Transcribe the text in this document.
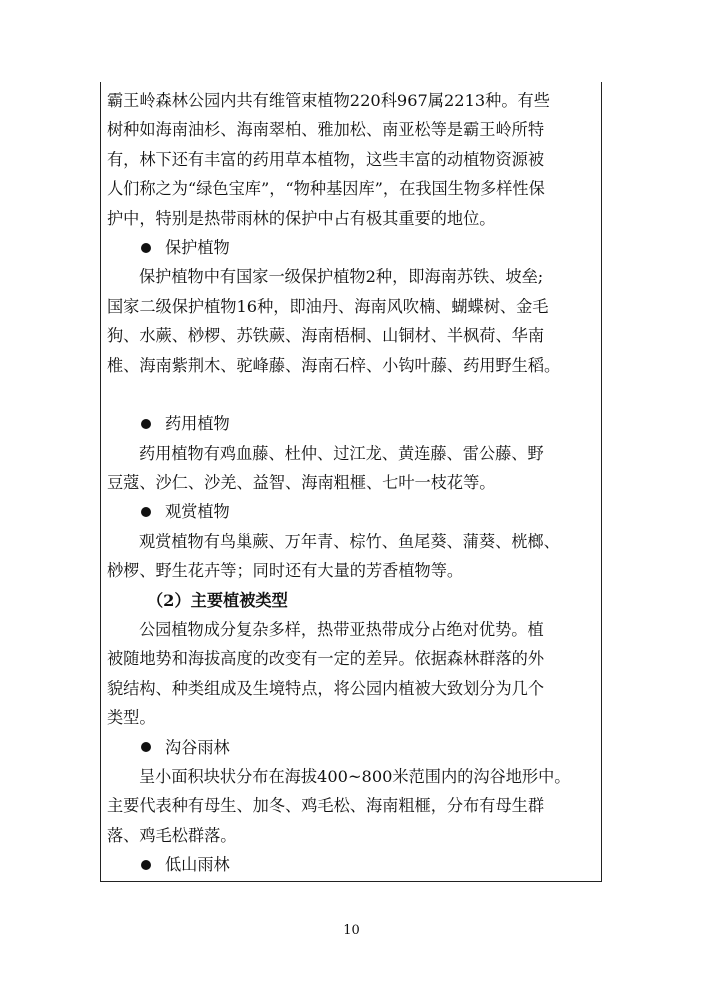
霸王岭森林公园内共有维管束植物220科967属2213种。有些
树种如海南油杉、海南翠柏、雅加松、南亚松等是霸王岭所特
有，林下还有丰富的药用草本植物，这些丰富的动植物资源被
人们称之为“绿色宝库”，“物种基因库”，在我国生物多样性保
护中，特别是热带雨林的保护中占有极其重要的地位。
保护植物
保护植物中有国家一级保护植物2种，即海南苏铁、坡垒;
国家二级保护植物16种，即油丹、海南风吹楠、蝴蝶树、金毛
狗、水蕨、桫椤、苏铁蕨、海南梧桐、山铜材、半枫荷、华南
椎、海南紫荆木、驼峰藤、海南石梓、小钩叶藤、药用野生稻。
药用植物
药用植物有鸡血藤、杜仲、过江龙、黄连藤、雷公藤、野
豆蔻、沙仁、沙羌、益智、海南粗榧、七叶一枝花等。
观赏植物
观赏植物有鸟巢蕨、万年青、棕竹、鱼尾葵、蒲葵、桄榔、
桫椤、野生花卉等；同时还有大量的芳香植物等。
（2）主要植被类型
公园植物成分复杂多样，热带亚热带成分占绝对优势。植
被随地势和海拔高度的改变有一定的差异。依据森林群落的外
貌结构、种类组成及生境特点，将公园内植被大致划分为几个
类型。
沟谷雨林
呈小面积块状分布在海拔400~800米范围内的沟谷地形中。
主要代表种有母生、加冬、鸡毛松、海南粗榧，分布有母生群
落、鸡毛松群落。
低山雨林
10
